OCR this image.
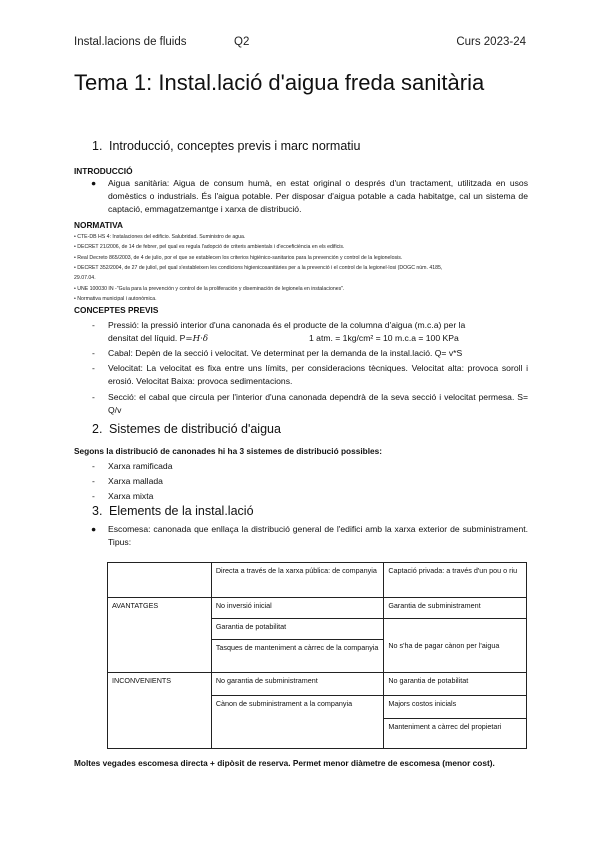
Instal.lacions de fluids	Q2	Curs 2023-24
Tema 1: Instal.lació d'aigua freda sanitària
1. Introducció, conceptes previs i marc normatiu
INTRODUCCIÓ
● Aigua sanitària: Aigua de consum humà, en estat original o després d'un tractament, utilitzada en usos domèstics o industrials. És l'aigua potable. Per disposar d'aigua potable a cada habitatge, cal un sistema de captació, emmagatzemantge i xarxa de distribució.
NORMATIVA
• CTE-DB HS 4: Instalaciones del edificio. Salubridad. Suministro de agua.
• DECRET 21/2006, de 14 de febrer, pel qual es regula l'adopció de criteris ambientals i d'ecoeficiència en els edificis.
• Real Decreto 865/2003, de 4 de julio, por el que se establecen los criterios higiénico-sanitarios para la prevención y control de la legionelosis.
• DECRET 352/2004, de 27 de juliol, pel qual s'estableixen les condicions higienicosanitàries per a la prevenció i el control de la legionel·losi (DOGC núm. 4185,
29.07.04.
• UNE 100030 IN -"Guía para la prevención y control de la proliferación y diseminación de legionela en instalaciones".
• Normativa municipal i autonòmica.
CONCEPTES PREVIS
- Pressió: la pressió interior d'una canonada és el producte de la columna d'aigua (m.c.a) per la
densitat del líquid. P=H·δ	1 atm. = 1kg/cm² = 10 m.c.a = 100 KPa
- Cabal: Depèn de la secció i velocitat. Ve determinat per la demanda de la instal.lació. Q= v*S
- Velocitat: La velocitat es fixa entre uns límits, per consideracions tècniques. Velocitat alta: provoca soroll i erosió. Velocitat Baixa: provoca sedimentacions.
- Secció: el cabal que circula per l'interior d'una canonada dependrà de la seva secció i velocitat permesa. S= Q/v
2. Sistemes de distribució d'aigua
Segons la distribució de canonades hi ha 3 sistemes de distribució possibles:
- Xarxa ramificada
- Xarxa mallada
- Xarxa mixta
3. Elements de la instal.lació
● Escomesa: canonada que enllaça la distribució general de l'edifici amb la xarxa exterior de subministrament. Tipus:
	Directa a través de la xarxa pública: de companyia	Captació privada: a través d'un pou o riu
AVANTATGES	No inversió inicial	Garantia de subministrament
	Garantia de potabilitat	No s'ha de pagar cànon per l'aigua
	Tasques de manteniment a càrrec de la companyia	
INCONVENIENTS	No garantia de subministrament	No garantia de potabilitat
	Cànon de subministrament a la companyia	Majors costos inicials
		Manteniment a càrrec del propietari
Moltes vegades escomesa directa + dipòsit de reserva. Permet menor diàmetre de escomesa (menor cost).
